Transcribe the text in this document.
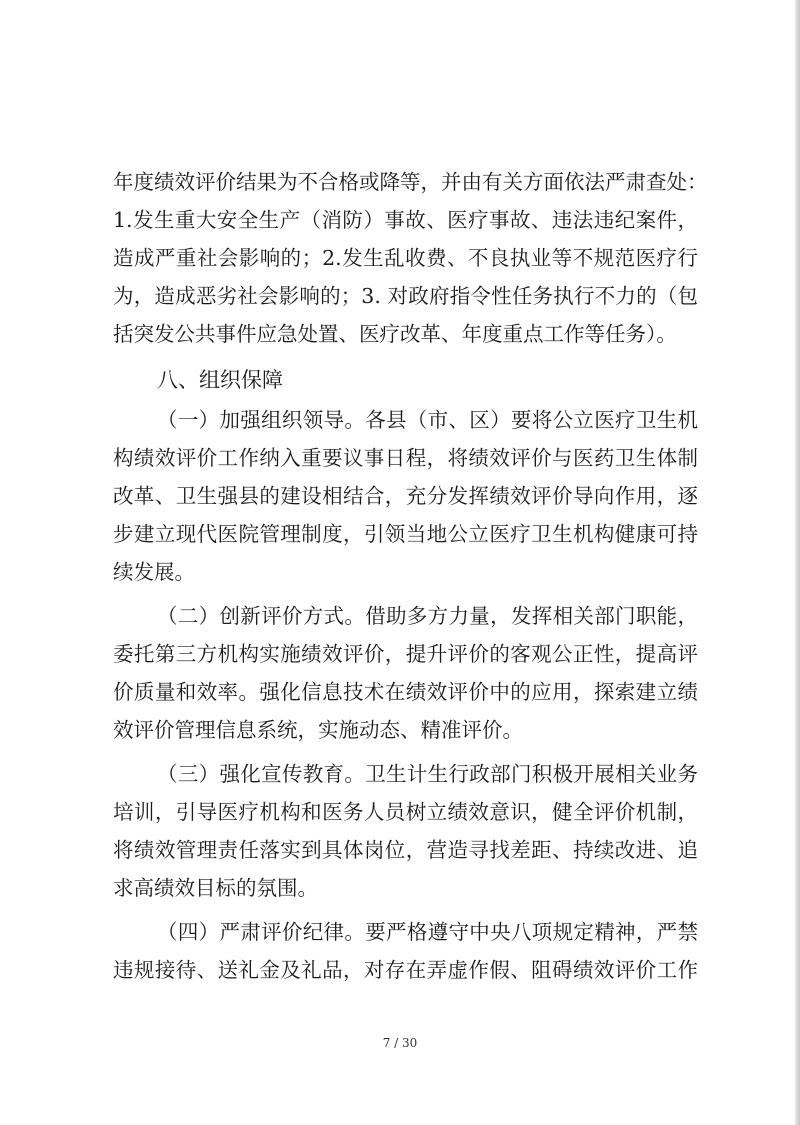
年度绩效评价结果为不合格或降等，并由有关方面依法严肃查处：
1.发生重大安全生产（消防）事故、医疗事故、违法违纪案件，
造成严重社会影响的；2.发生乱收费、不良执业等不规范医疗行
为，造成恶劣社会影响的；3. 对政府指令性任务执行不力的（包
括突发公共事件应急处置、医疗改革、年度重点工作等任务）。
八、组织保障
（一）加强组织领导。各县（市、区）要将公立医疗卫生机
构绩效评价工作纳入重要议事日程，将绩效评价与医药卫生体制
改革、卫生强县的建设相结合，充分发挥绩效评价导向作用，逐
步建立现代医院管理制度，引领当地公立医疗卫生机构健康可持
续发展。
（二）创新评价方式。借助多方力量，发挥相关部门职能，
委托第三方机构实施绩效评价，提升评价的客观公正性，提高评
价质量和效率。强化信息技术在绩效评价中的应用，探索建立绩
效评价管理信息系统，实施动态、精准评价。
（三）强化宣传教育。卫生计生行政部门积极开展相关业务
培训，引导医疗机构和医务人员树立绩效意识，健全评价机制，
将绩效管理责任落实到具体岗位，营造寻找差距、持续改进、追
求高绩效目标的氛围。
（四）严肃评价纪律。要严格遵守中央八项规定精神，严禁
违规接待、送礼金及礼品，对存在弄虚作假、阻碍绩效评价工作
7 / 30
